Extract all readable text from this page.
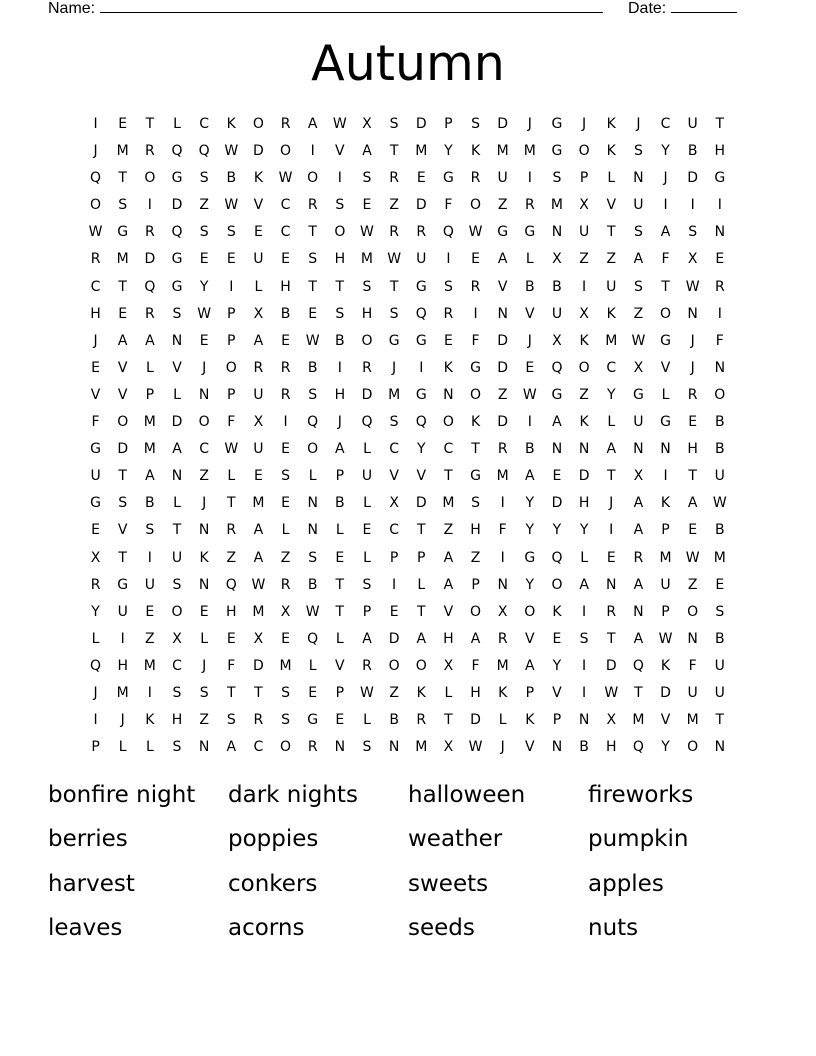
Name:	Date:
Autumn
I	E	T	L	C	K	O	R	A	W	X	S	D	P	S	D	J	G	J	K	J	C	U	T
J	M	R	Q	Q	W	D	O	I	V	A	T	M	Y	K	M	M	G	O	K	S	Y	B	H
Q	T	O	G	S	B	K	W	O	I	S	R	E	G	R	U	I	S	P	L	N	J	D	G
O	S	I	D	Z	W	V	C	R	S	E	Z	D	F	O	Z	R	M	X	V	U	I	I	I
W	G	R	Q	S	S	E	C	T	O	W	R	R	Q	W	G	G	N	U	T	S	A	S	N
R	M	D	G	E	E	U	E	S	H	M	W	U	I	E	A	L	X	Z	Z	A	F	X	E
C	T	Q	G	Y	I	L	H	T	T	S	T	G	S	R	V	B	B	I	U	S	T	W	R
H	E	R	S	W	P	X	B	E	S	H	S	Q	R	I	N	V	U	X	K	Z	O	N	I
J	A	A	N	E	P	A	E	W	B	O	G	G	E	F	D	J	X	K	M	W	G	J	F
E	V	L	V	J	O	R	R	B	I	R	J	I	K	G	D	E	Q	O	C	X	V	J	N
V	V	P	L	N	P	U	R	S	H	D	M	G	N	O	Z	W	G	Z	Y	G	L	R	O
F	O	M	D	O	F	X	I	Q	J	Q	S	Q	O	K	D	I	A	K	L	U	G	E	B
G	D	M	A	C	W	U	E	O	A	L	C	Y	C	T	R	B	N	N	A	N	N	H	B
U	T	A	N	Z	L	E	S	L	P	U	V	V	T	G	M	A	E	D	T	X	I	T	U
G	S	B	L	J	T	M	E	N	B	L	X	D	M	S	I	Y	D	H	J	A	K	A	W
E	V	S	T	N	R	A	L	N	L	E	C	T	Z	H	F	Y	Y	Y	I	A	P	E	B
X	T	I	U	K	Z	A	Z	S	E	L	P	P	A	Z	I	G	Q	L	E	R	M	W	M
R	G	U	S	N	Q	W	R	B	T	S	I	L	A	P	N	Y	O	A	N	A	U	Z	E
Y	U	E	O	E	H	M	X	W	T	P	E	T	V	O	X	O	K	I	R	N	P	O	S
L	I	Z	X	L	E	X	E	Q	L	A	D	A	H	A	R	V	E	S	T	A	W	N	B
Q	H	M	C	J	F	D	M	L	V	R	O	O	X	F	M	A	Y	I	D	Q	K	F	U
J	M	I	S	S	T	T	S	E	P	W	Z	K	L	H	K	P	V	I	W	T	D	U	U
I	J	K	H	Z	S	R	S	G	E	L	B	R	T	D	L	K	P	N	X	M	V	M	T
P	L	L	S	N	A	C	O	R	N	S	N	M	X	W	J	V	N	B	H	Q	Y	O	N
bonfire night	dark nights	halloween	fireworks
berries	poppies	weather	pumpkin
harvest	conkers	sweets	apples
leaves	acorns	seeds	nuts
